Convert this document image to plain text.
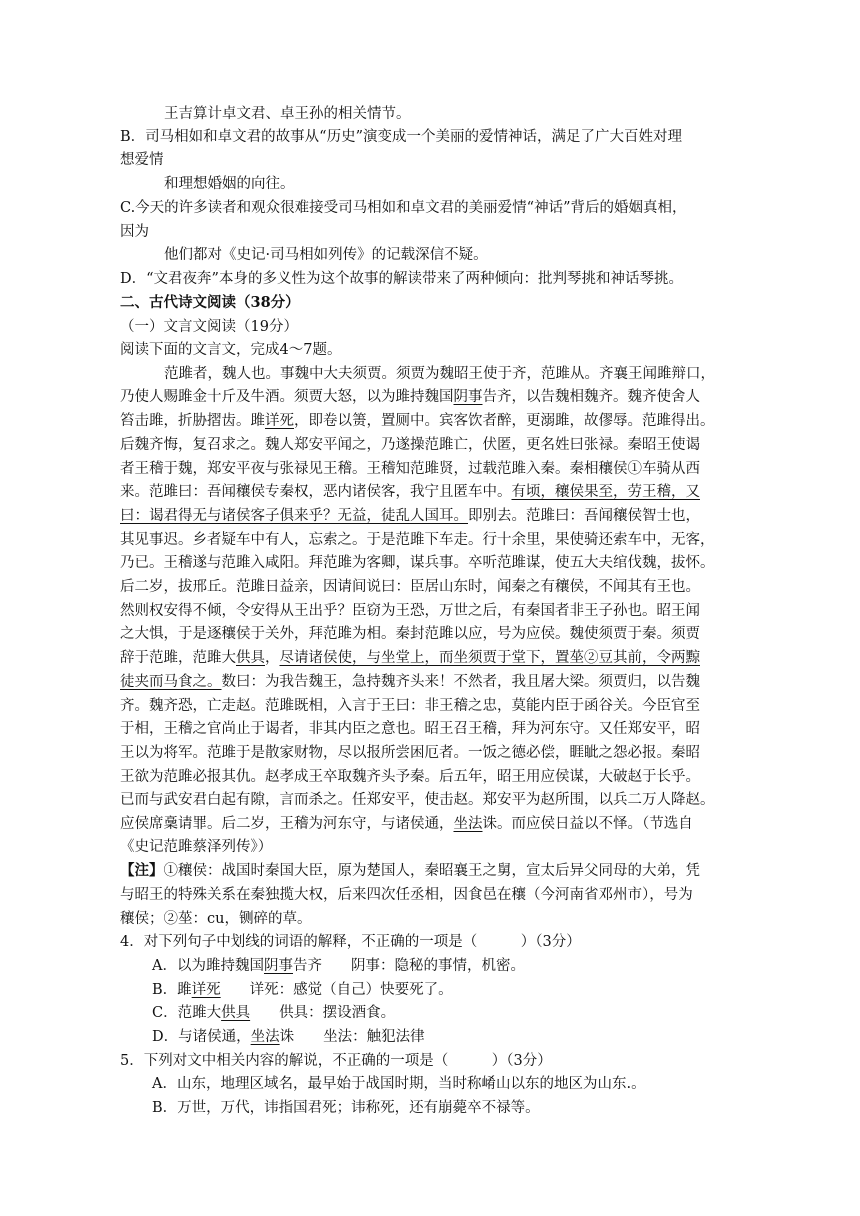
王吉算计卓文君、卓王孙的相关情节。
B．司马相如和卓文君的故事从“历史”演变成一个美丽的爱情神话，满足了广大百姓对理
想爱情
和理想婚姻的向往。
C.今天的许多读者和观众很难接受司马相如和卓文君的美丽爱情“神话”背后的婚姻真相，
因为
他们都对《史记·司马相如列传》的记载深信不疑。
D．“文君夜奔”本身的多义性为这个故事的解读带来了两种倾向：批判琴挑和神话琴挑。
二、古代诗文阅读（38分）
（一）文言文阅读（19分）
阅读下面的文言文，完成4～7题。
范雎者，魏人也。事魏中大夫须贾。须贾为魏昭王使于齐，范雎从。齐襄王闻雎辩口，
乃使人赐雎金十斤及牛酒。须贾大怒，以为雎持魏国阴事告齐，以告魏相魏齐。魏齐使舍人
笞击雎，折胁摺齿。雎详死，即卷以箦，置厕中。宾客饮者醉，更溺雎，故僇辱。范雎得出。
后魏齐悔，复召求之。魏人郑安平闻之，乃遂操范雎亡，伏匿，更名姓曰张禄。秦昭王使谒
者王稽于魏，郑安平夜与张禄见王稽。王稽知范雎贤，过载范雎入秦。秦相穰侯①车骑从西
来。范雎曰：吾闻穰侯专秦权，恶内诸侯客，我宁且匿车中。有顷，穰侯果至，劳王稽，又
曰：谒君得无与诸侯客子俱来乎？无益，徒乱人国耳。即别去。范雎曰：吾闻穰侯智士也，
其见事迟。乡者疑车中有人，忘索之。于是范雎下车走。行十余里，果使骑还索车中，无客，
乃已。王稽遂与范雎入咸阳。拜范雎为客卿，谋兵事。卒听范雎谋，使五大夫绾伐魏，拔怀。
后二岁，拔邢丘。范雎日益亲，因请间说曰：臣居山东时，闻秦之有穰侯，不闻其有王也。
然则权安得不倾，令安得从王出乎？臣窃为王恐，万世之后，有秦国者非王子孙也。昭王闻
之大惧，于是逐穰侯于关外，拜范雎为相。秦封范雎以应，号为应侯。魏使须贾于秦。须贾
辞于范雎，范雎大供具，尽请诸侯使，与坐堂上，而坐须贾于堂下，置莝②豆其前，令两黥
徒夹而马食之。数曰：为我告魏王，急持魏齐头来！不然者，我且屠大梁。须贾归，以告魏
齐。魏齐恐，亡走赵。范雎既相，入言于王曰：非王稽之忠，莫能内臣于函谷关。今臣官至
于相，王稽之官尚止于谒者，非其内臣之意也。昭王召王稽，拜为河东守。又任郑安平，昭
王以为将军。范雎于是散家财物，尽以报所尝困厄者。一饭之德必偿，睚眦之怨必报。秦昭
王欲为范雎必报其仇。赵孝成王卒取魏齐头予秦。后五年，昭王用应侯谋，大破赵于长乎。
已而与武安君白起有隙，言而杀之。任郑安平，使击赵。郑安平为赵所围，以兵二万人降赵。
应侯席稾请罪。后二岁，王稽为河东守，与诸侯通，坐法诛。而应侯日益以不怿。（节选自
《史记范雎蔡泽列传》）
【注】①穰侯：战国时秦国大臣，原为楚国人，秦昭襄王之舅，宣太后异父同母的大弟，凭
与昭王的特殊关系在秦独揽大权，后来四次任丞相，因食邑在穰（今河南省邓州市），号为
穰侯；②莝：cu，铡碎的草。
4．对下列句子中划线的词语的解释，不正确的一项是（　　　）（3分）
A．以为雎持魏国阴事告齐　　阴事：隐秘的事情，机密。
B．雎详死　　详死：感觉（自己）快要死了。
C．范雎大供具　　供具：摆设酒食。
D．与诸侯通，坐法诛　　坐法：触犯法律
5．下列对文中相关内容的解说，不正确的一项是（　　　）（3分）
A．山东，地理区域名，最早始于战国时期，当时称崤山以东的地区为山东.。
B．万世，万代，讳指国君死；讳称死，还有崩薨卒不禄等。
